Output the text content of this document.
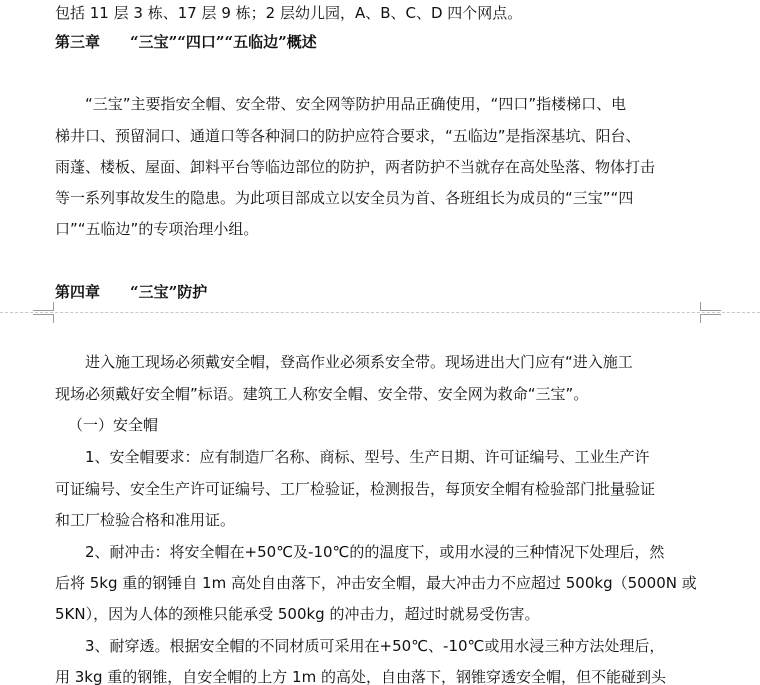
包括 11 层 3 栋、17 层 9 栋；2 层幼儿园，A、B、C、D 四个网点。
第三章　　“三宝”“四口”“五临边”概述
　　“三宝”主要指安全帽、安全带、安全网等防护用品正确使用，“四口”指楼梯口、电
梯井口、预留洞口、通道口等各种洞口的防护应符合要求，“五临边”是指深基坑、阳台、
雨蓬、楼板、屋面、卸料平台等临边部位的防护，两者防护不当就存在高处坠落、物体打击
等一系列事故发生的隐患。为此项目部成立以安全员为首、各班组长为成员的“三宝”“四
口”“五临边”的专项治理小组。
第四章　　“三宝”防护
　　进入施工现场必须戴安全帽，登高作业必须系安全带。现场进出大门应有“进入施工
现场必须戴好安全帽”标语。建筑工人称安全帽、安全带、安全网为救命“三宝”。
（一）安全帽
　　1、安全帽要求：应有制造厂名称、商标、型号、生产日期、许可证编号、工业生产许
可证编号、安全生产许可证编号、工厂检验证，检测报告，每顶安全帽有检验部门批量验证
和工厂检验合格和准用证。
　　2、耐冲击：将安全帽在+50℃及-10℃的的温度下，或用水浸的三种情况下处理后，然
后将 5kg 重的钢锤自 1m 高处自由落下，冲击安全帽，最大冲击力不应超过 500kg（5000N 或
5KN），因为人体的颈椎只能承受 500kg 的冲击力，超过时就易受伤害。
　　3、耐穿透。根据安全帽的不同材质可采用在+50℃、-10℃或用水浸三种方法处理后，
用 3kg 重的钢锥，自安全帽的上方 1m 的高处，自由落下，钢锥穿透安全帽，但不能碰到头
